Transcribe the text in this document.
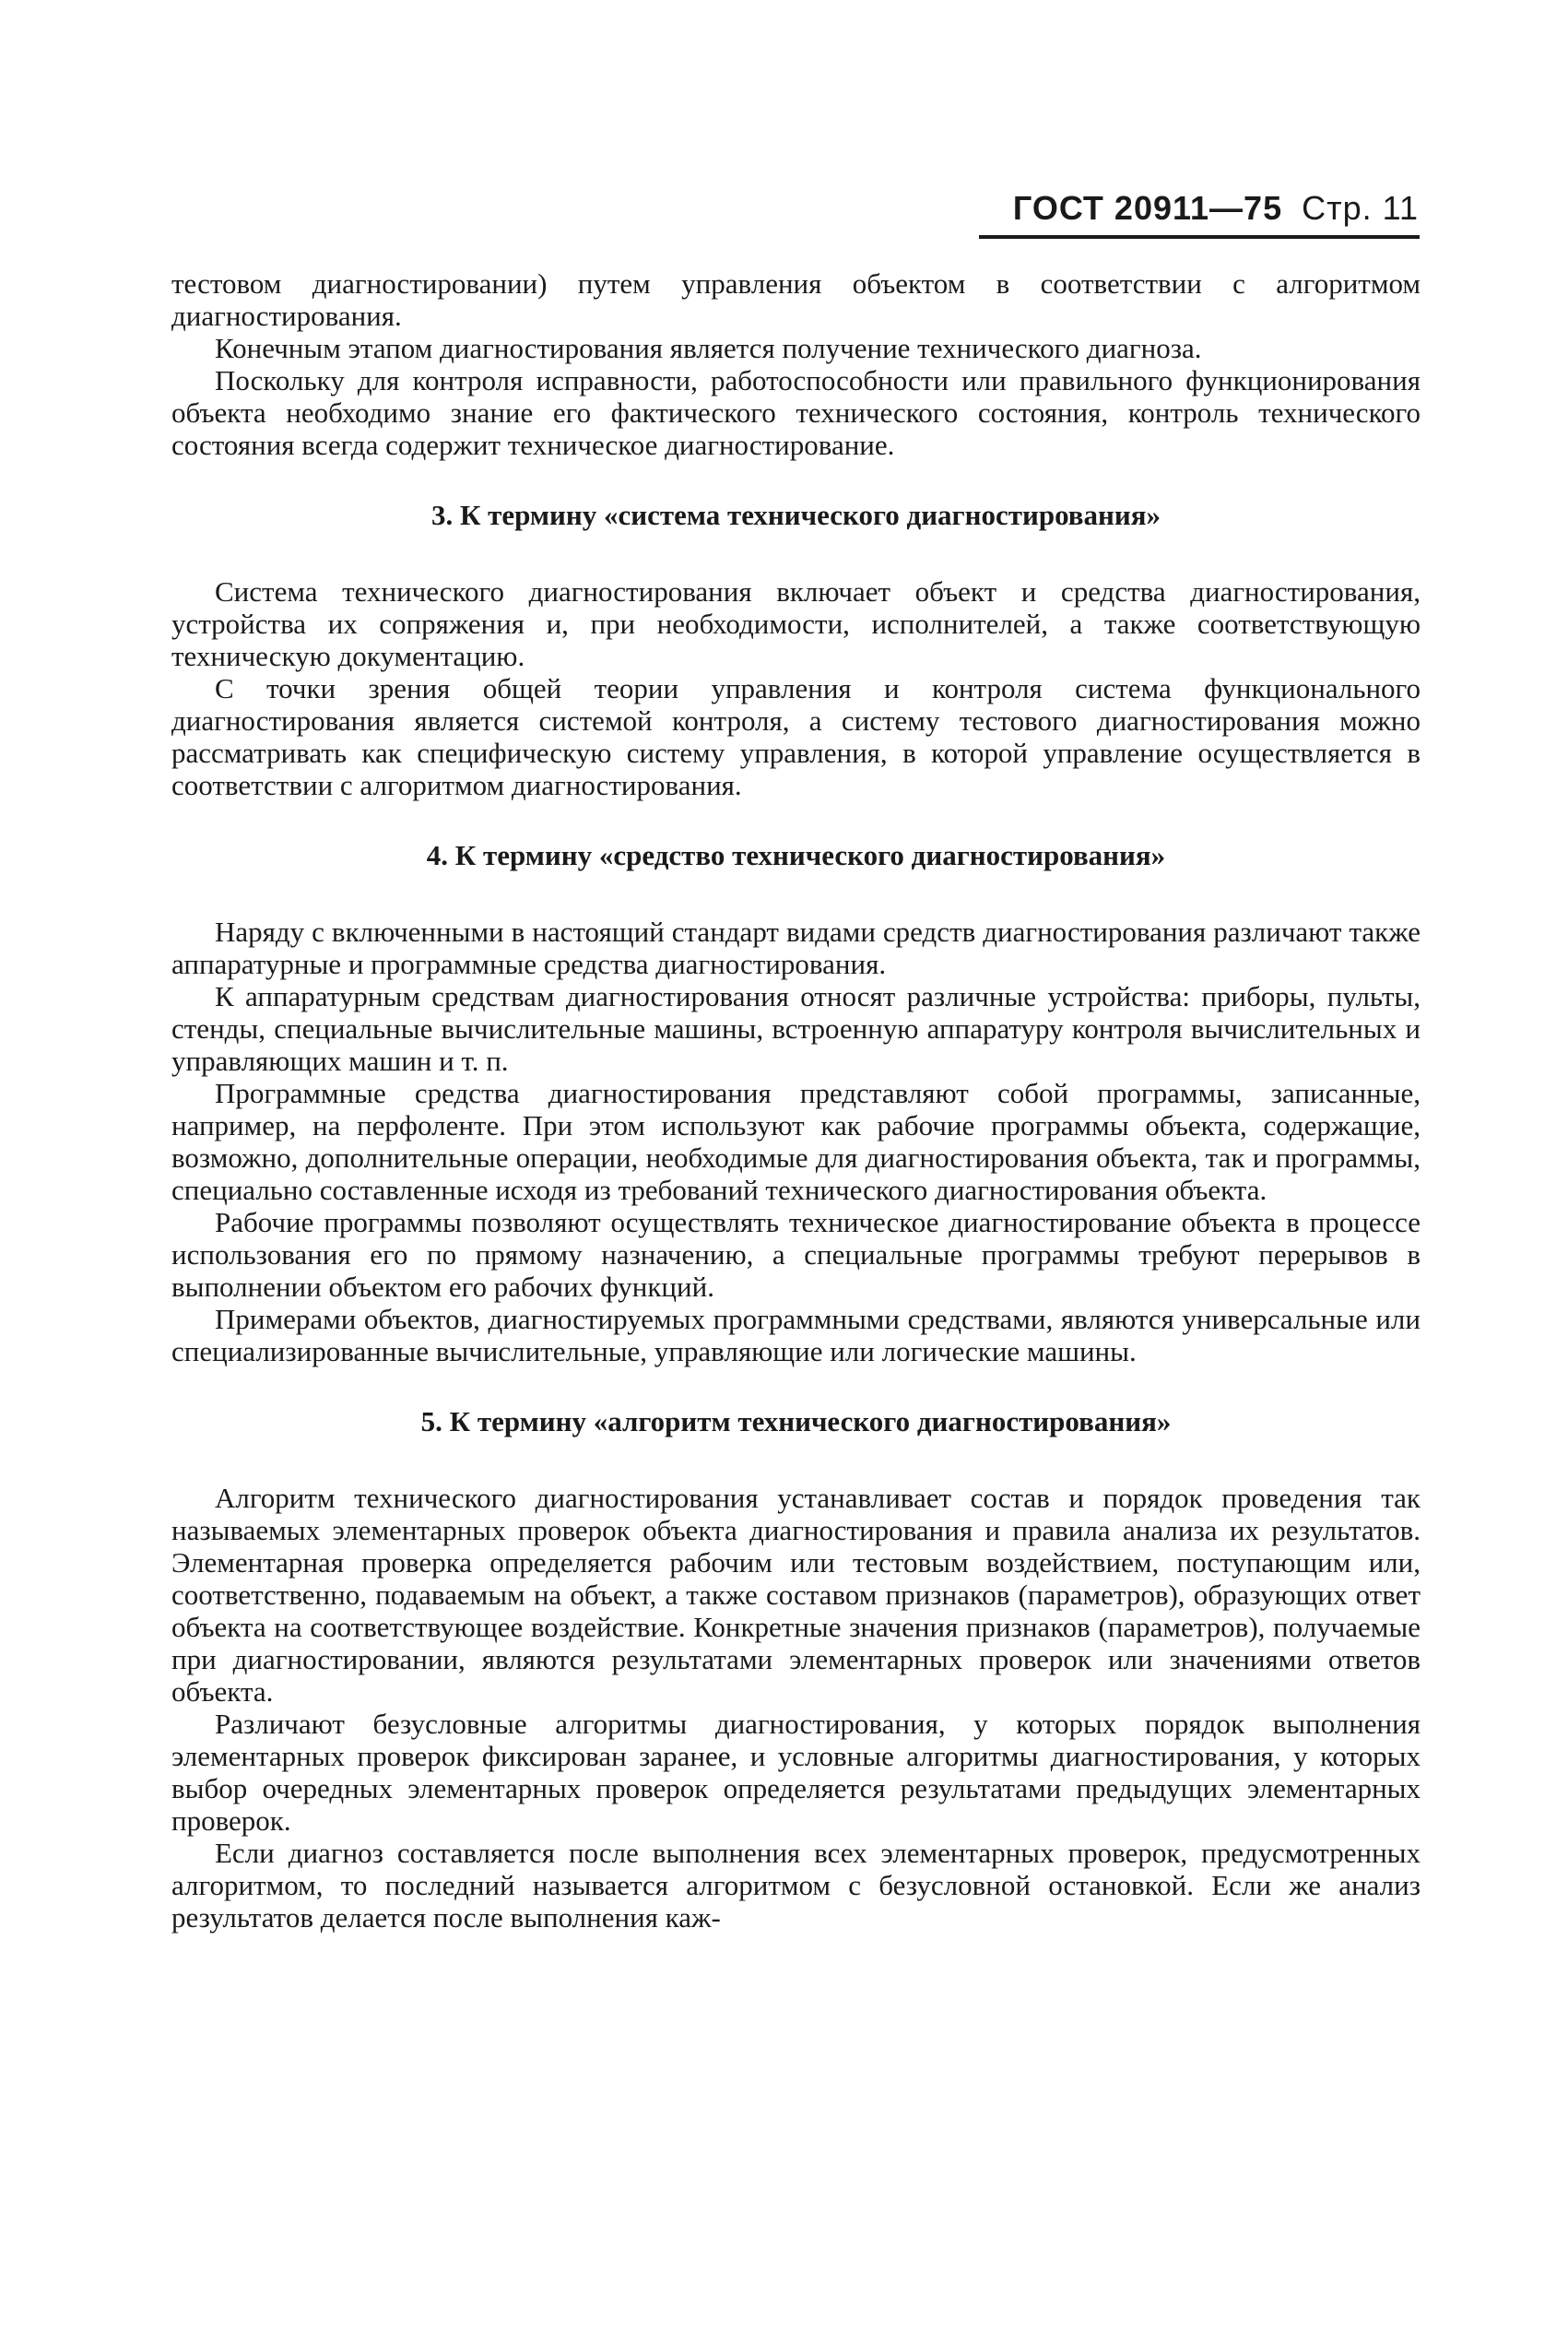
ГОСТ 20911—75 Стр. 11

тестовом диагностировании) путем управления объектом в соответствии с алгоритмом диагностирования.

Конечным этапом диагностирования является получение технического диагноза.

Поскольку для контроля исправности, работоспособности или правильного функционирования объекта необходимо знание его фактического технического состояния, контроль технического состояния всегда содержит техническое диагностирование.

3. К термину «система технического диагностирования»

Система технического диагностирования включает объект и средства диагностирования, устройства их сопряжения и, при необходимости, исполнителей, а также соответствующую техническую документацию.

С точки зрения общей теории управления и контроля система функционального диагностирования является системой контроля, а систему тестового диагностирования можно рассматривать как специфическую систему управления, в которой управление осуществляется в соответствии с алгоритмом диагностирования.

4. К термину «средство технического диагностирования»

Наряду с включенными в настоящий стандарт видами средств диагностирования различают также аппаратурные и программные средства диагностирования.

К аппаратурным средствам диагностирования относят различные устройства: приборы, пульты, стенды, специальные вычислительные машины, встроенную аппаратуру контроля вычислительных и управляющих машин и т. п.

Программные средства диагностирования представляют собой программы, записанные, например, на перфоленте. При этом используют как рабочие программы объекта, содержащие, возможно, дополнительные операции, необходимые для диагностирования объекта, так и программы, специально составленные исходя из требований технического диагностирования объекта.

Рабочие программы позволяют осуществлять техническое диагностирование объекта в процессе использования его по прямому назначению, а специальные программы требуют перерывов в выполнении объектом его рабочих функций.

Примерами объектов, диагностируемых программными средствами, являются универсальные или специализированные вычислительные, управляющие или логические машины.

5. К термину «алгоритм технического диагностирования»

Алгоритм технического диагностирования устанавливает состав и порядок проведения так называемых элементарных проверок объекта диагностирования и правила анализа их результатов. Элементарная проверка определяется рабочим или тестовым воздействием, поступающим или, соответственно, подаваемым на объект, а также составом признаков (параметров), образующих ответ объекта на соответствующее воздействие. Конкретные значения признаков (параметров), получаемые при диагностировании, являются результатами элементарных проверок или значениями ответов объекта.

Различают безусловные алгоритмы диагностирования, у которых порядок выполнения элементарных проверок фиксирован заранее, и условные алгоритмы диагностирования, у которых выбор очередных элементарных проверок определяется результатами предыдущих элементарных проверок.

Если диагноз составляется после выполнения всех элементарных проверок, предусмотренных алгоритмом, то последний называется алгоритмом с безусловной остановкой. Если же анализ результатов делается после выполнения каж-
